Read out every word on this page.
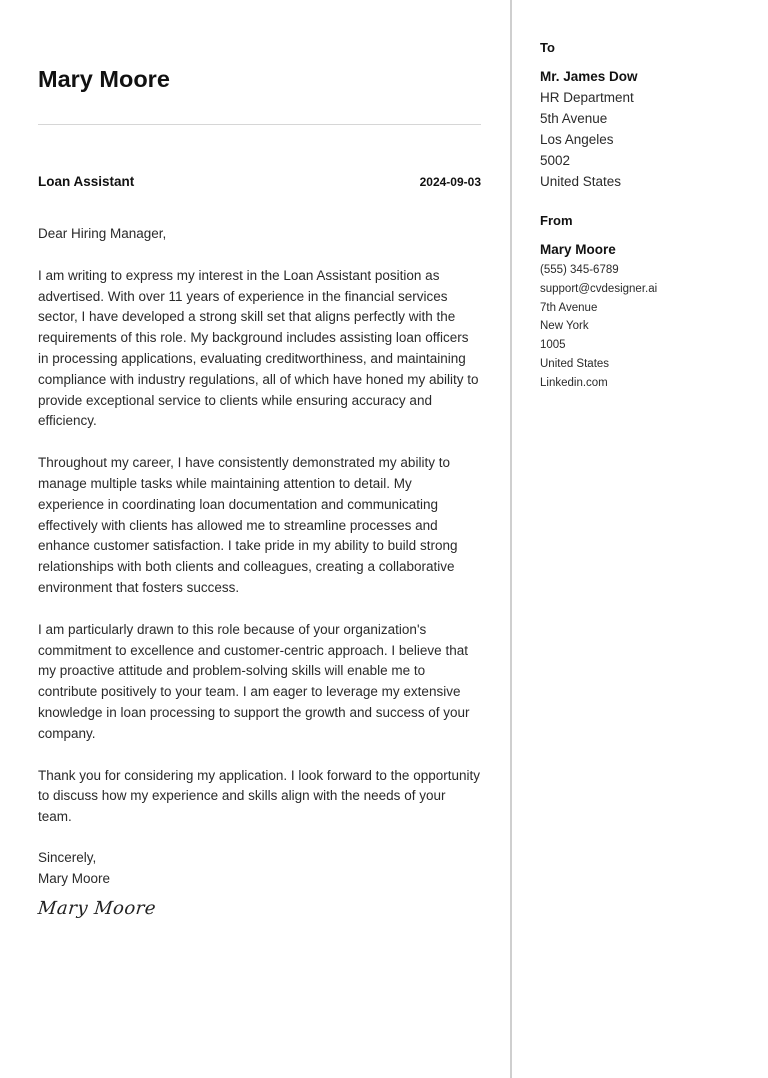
Mary Moore
Loan Assistant	2024-09-03

Dear Hiring Manager,

I am writing to express my interest in the Loan Assistant position as advertised. With over 11 years of experience in the financial services sector, I have developed a strong skill set that aligns perfectly with the requirements of this role. My background includes assisting loan officers in processing applications, evaluating creditworthiness, and maintaining compliance with industry regulations, all of which have honed my ability to provide exceptional service to clients while ensuring accuracy and efficiency.

Throughout my career, I have consistently demonstrated my ability to manage multiple tasks while maintaining attention to detail. My experience in coordinating loan documentation and communicating effectively with clients has allowed me to streamline processes and enhance customer satisfaction. I take pride in my ability to build strong relationships with both clients and colleagues, creating a collaborative environment that fosters success.

I am particularly drawn to this role because of your organization's commitment to excellence and customer-centric approach. I believe that my proactive attitude and problem-solving skills will enable me to contribute positively to your team. I am eager to leverage my extensive knowledge in loan processing to support the growth and success of your company.

Thank you for considering my application. I look forward to the opportunity to discuss how my experience and skills align with the needs of your team.

Sincerely,
Mary Moore
Mary Moore
To
Mr. James Dow
HR Department
5th Avenue
Los Angeles
5002
United States
From
Mary Moore
(555) 345-6789
support@cvdesigner.ai
7th Avenue
New York
1005
United States
Linkedin.com
